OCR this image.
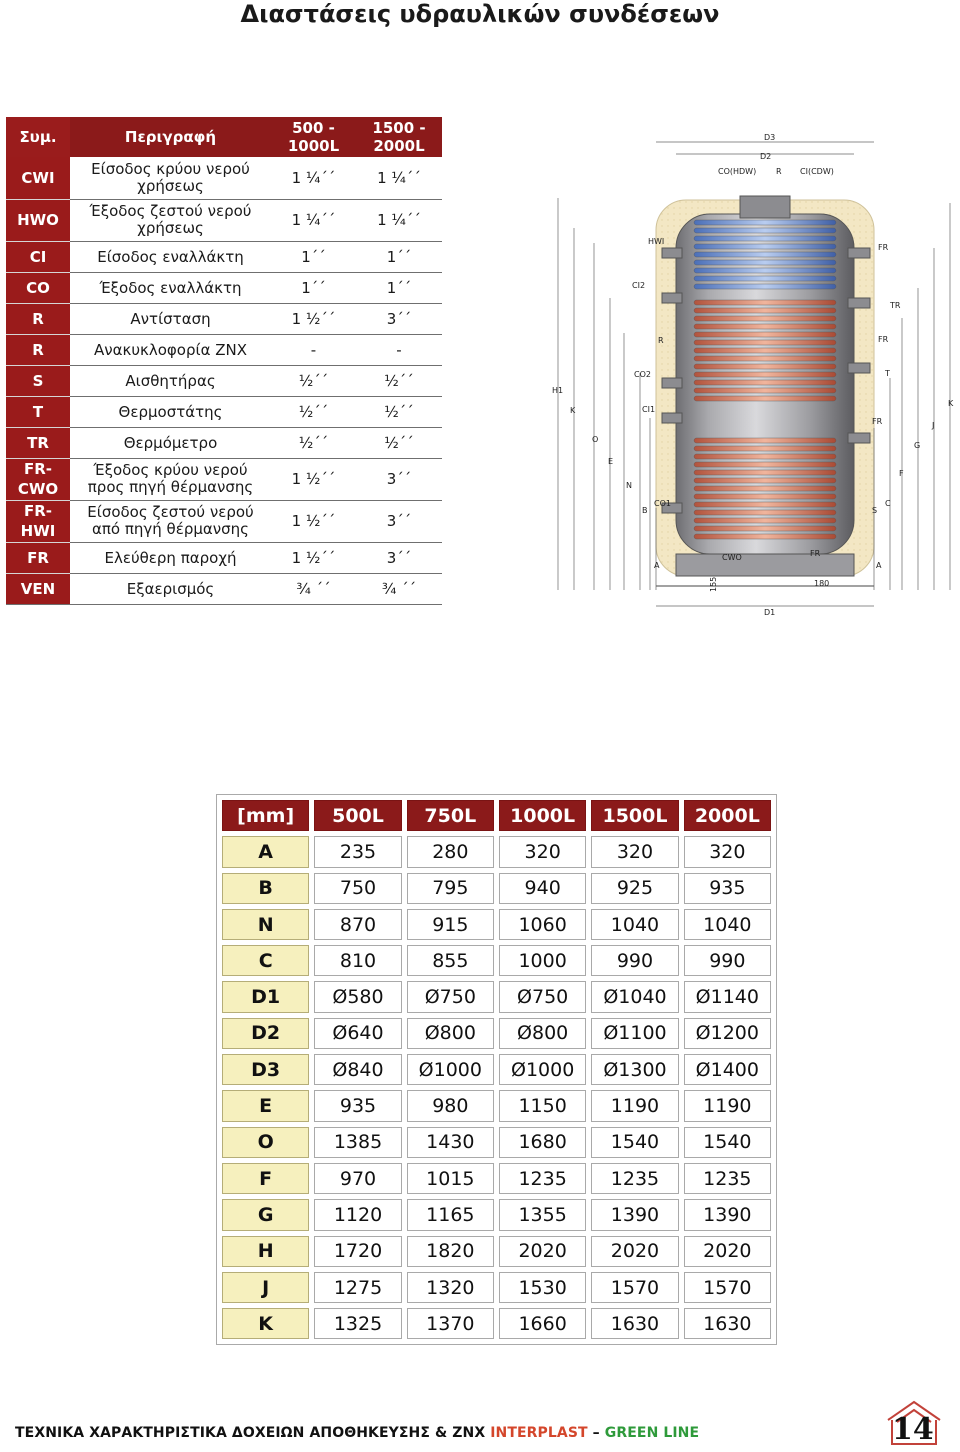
Διαστάσεις υδραυλικών συνδέσεων
Συμ.	Περιγραφή	500 - 1000L	1500 - 2000L
CWI	Είσοδος κρύου νερού χρήσεως	1 ¼΄΄	1 ¼΄΄
HWO	Έξοδος ζεστού νερού χρήσεως	1 ¼΄΄	1 ¼΄΄
CI	Είσοδος εναλλάκτη	1΄΄	1΄΄
CO	Έξοδος εναλλάκτη	1΄΄	1΄΄
R	Αντίσταση	1 ½΄΄	3΄΄
R	Ανακυκλοφορία ΖΝΧ	-	-
S	Αισθητήρας	½΄΄	½΄΄
T	Θερμοστάτης	½΄΄	½΄΄
TR	Θερμόμετρο	½΄΄	½΄΄
FR-CWO	Έξοδος κρύου νερού προς πηγή θέρμανσης	1 ½΄΄	3΄΄
FR-HWI	Είσοδος ζεστού νερού από πηγή θέρμανσης	1 ½΄΄	3΄΄
FR	Ελεύθερη παροχή	1 ½΄΄	3΄΄
VEN	Εξαερισμός	¾ ΄΄	¾ ΄΄
D3
D2
CO(HDW) R CI(CDW)
HWI
FR
TR
FR
T
FR
CI2
R
CO2
CI1
CO1
H1
K
O
E
N
B
A
K
J
G
F
C
S
A
CWO	FR
155	180
D1
[mm]	500L	750L	1000L	1500L	2000L
A	235	280	320	320	320
B	750	795	940	925	935
N	870	915	1060	1040	1040
C	810	855	1000	990	990
D1	Ø580	Ø750	Ø750	Ø1040	Ø1140
D2	Ø640	Ø800	Ø800	Ø1100	Ø1200
D3	Ø840	Ø1000	Ø1000	Ø1300	Ø1400
E	935	980	1150	1190	1190
O	1385	1430	1680	1540	1540
F	970	1015	1235	1235	1235
G	1120	1165	1355	1390	1390
H	1720	1820	2020	2020	2020
J	1275	1320	1530	1570	1570
K	1325	1370	1660	1630	1630
ΤΕΧΝΙΚΑ ΧΑΡΑΚΤΗΡΙΣΤΙΚΑ ΔΟΧΕΙΩΝ ΑΠΟΘΗΚΕΥΣΗΣ & ΖΝΧ INTERPLAST – GREEN LINE	14
